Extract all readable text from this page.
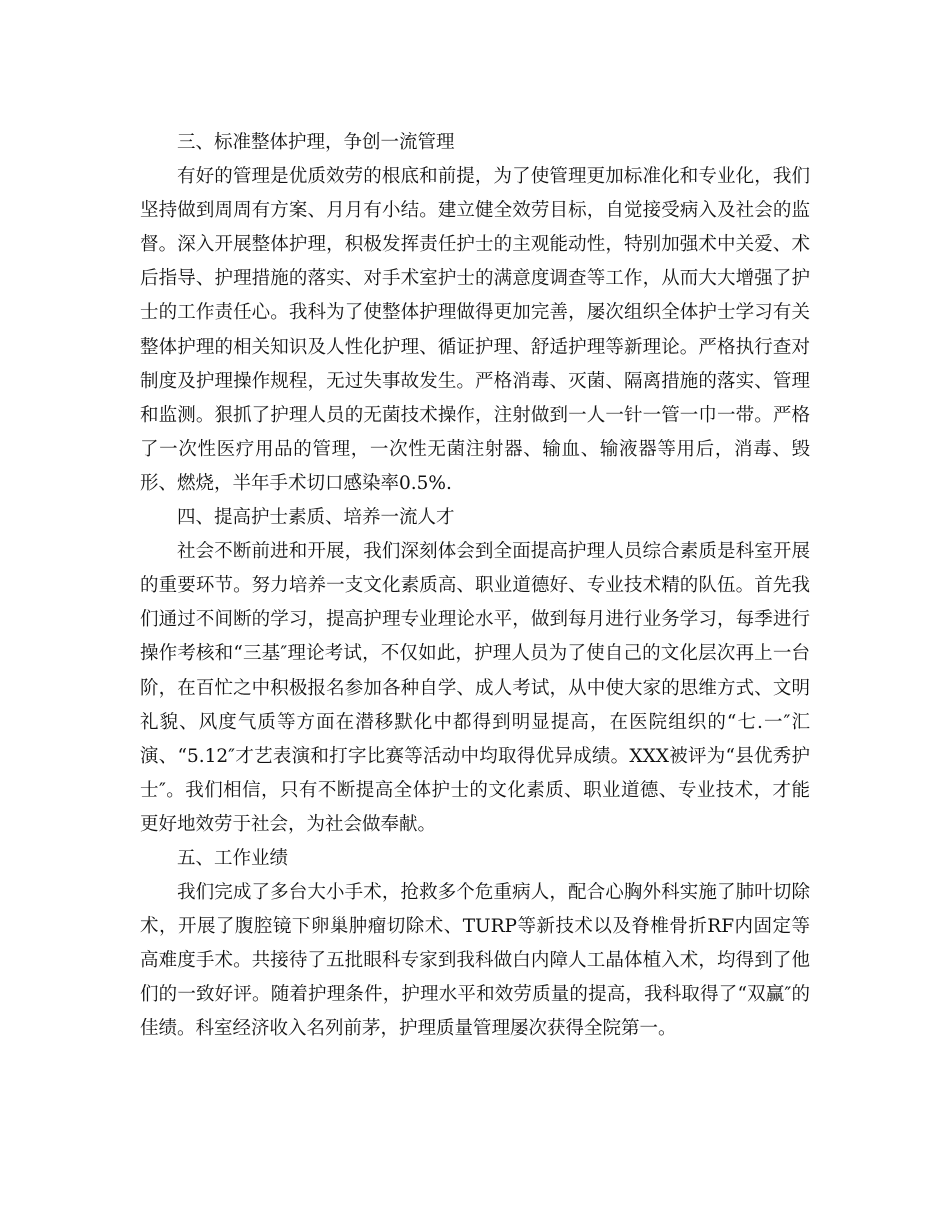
三、标准整体护理，争创一流管理

有好的管理是优质效劳的根底和前提，为了使管理更加标准化和专业化，我们坚持做到周周有方案、月月有小结。建立健全效劳目标，自觉接受病入及社会的监督。深入开展整体护理，积极发挥责任护士的主观能动性，特别加强术中关爱、术后指导、护理措施的落实、对手术室护士的满意度调查等工作，从而大大增强了护士的工作责任心。我科为了使整体护理做得更加完善，屡次组织全体护士学习有关整体护理的相关知识及人性化护理、循证护理、舒适护理等新理论。严格执行查对制度及护理操作规程，无过失事故发生。严格消毒、灭菌、隔离措施的落实、管理和监测。狠抓了护理人员的无菌技术操作，注射做到一人一针一管一巾一带。严格了一次性医疗用品的管理，一次性无菌注射器、输血、输液器等用后，消毒、毁形、燃烧，半年手术切口感染率0.5%.

四、提高护士素质、培养一流人才

社会不断前进和开展，我们深刻体会到全面提高护理人员综合素质是科室开展的重要环节。努力培养一支文化素质高、职业道德好、专业技术精的队伍。首先我们通过不间断的学习，提高护理专业理论水平，做到每月进行业务学习，每季进行操作考核和“三基″理论考试，不仅如此，护理人员为了使自己的文化层次再上一台阶，在百忙之中积极报名参加各种自学、成人考试，从中使大家的思维方式、文明礼貌、风度气质等方面在潜移默化中都得到明显提高，在医院组织的“七.一″汇演、“5.12″才艺表演和打字比赛等活动中均取得优异成绩。XXX被评为“县优秀护士″。我们相信，只有不断提高全体护士的文化素质、职业道德、专业技术，才能更好地效劳于社会，为社会做奉献。

五、工作业绩

我们完成了多台大小手术，抢救多个危重病人，配合心胸外科实施了肺叶切除术，开展了腹腔镜下卵巢肿瘤切除术、TURP等新技术以及脊椎骨折RF内固定等高难度手术。共接待了五批眼科专家到我科做白内障人工晶体植入术，均得到了他们的一致好评。随着护理条件，护理水平和效劳质量的提高，我科取得了“双赢″的佳绩。科室经济收入名列前茅，护理质量管理屡次获得全院第一。
